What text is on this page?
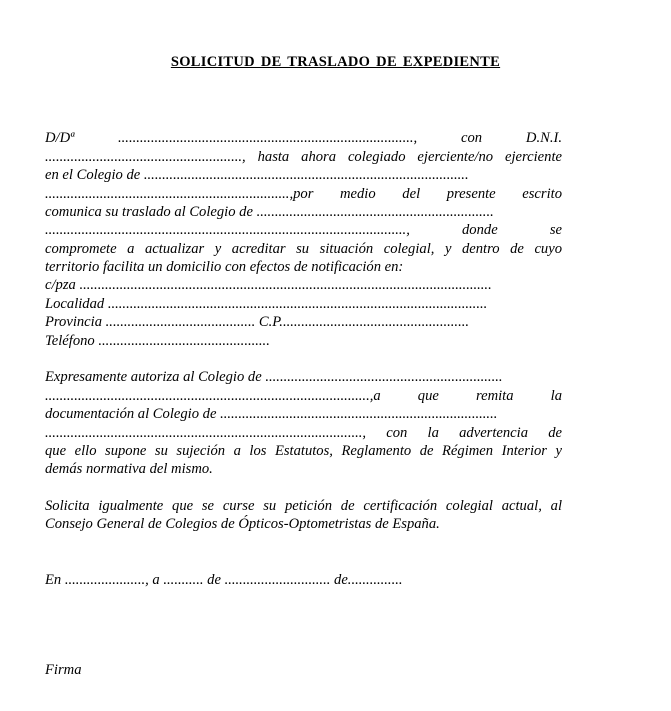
SOLICITUD DE TRASLADO DE EXPEDIENTE
D/Dª ................................................................................., con D.N.I.
......................................................, hasta ahora colegiado ejerciente/no ejerciente
en el Colegio de .........................................................................................
...................................................................,por medio del presente escrito
comunica su traslado al Colegio de .................................................................
..................................................................................................., donde se
compromete a actualizar y acreditar su situación colegial, y dentro de cuyo
territorio facilita un domicilio con efectos de notificación en:
c/pza .................................................................................................................
Localidad ........................................................................................................
Provincia ......................................... C.P....................................................
Teléfono ...............................................
Expresamente autoriza al Colegio de .................................................................
.........................................................................................,a que remita la
documentación al Colegio de ............................................................................
......................................................................................., con la advertencia de
que ello supone su sujeción a los Estatutos, Reglamento de Régimen Interior y
demás normativa del mismo.
Solicita igualmente que se curse su petición de certificación colegial actual, al
Consejo General de Colegios de Ópticos-Optometristas de España.
En ......................, a ........... de ............................. de...............
Firma
